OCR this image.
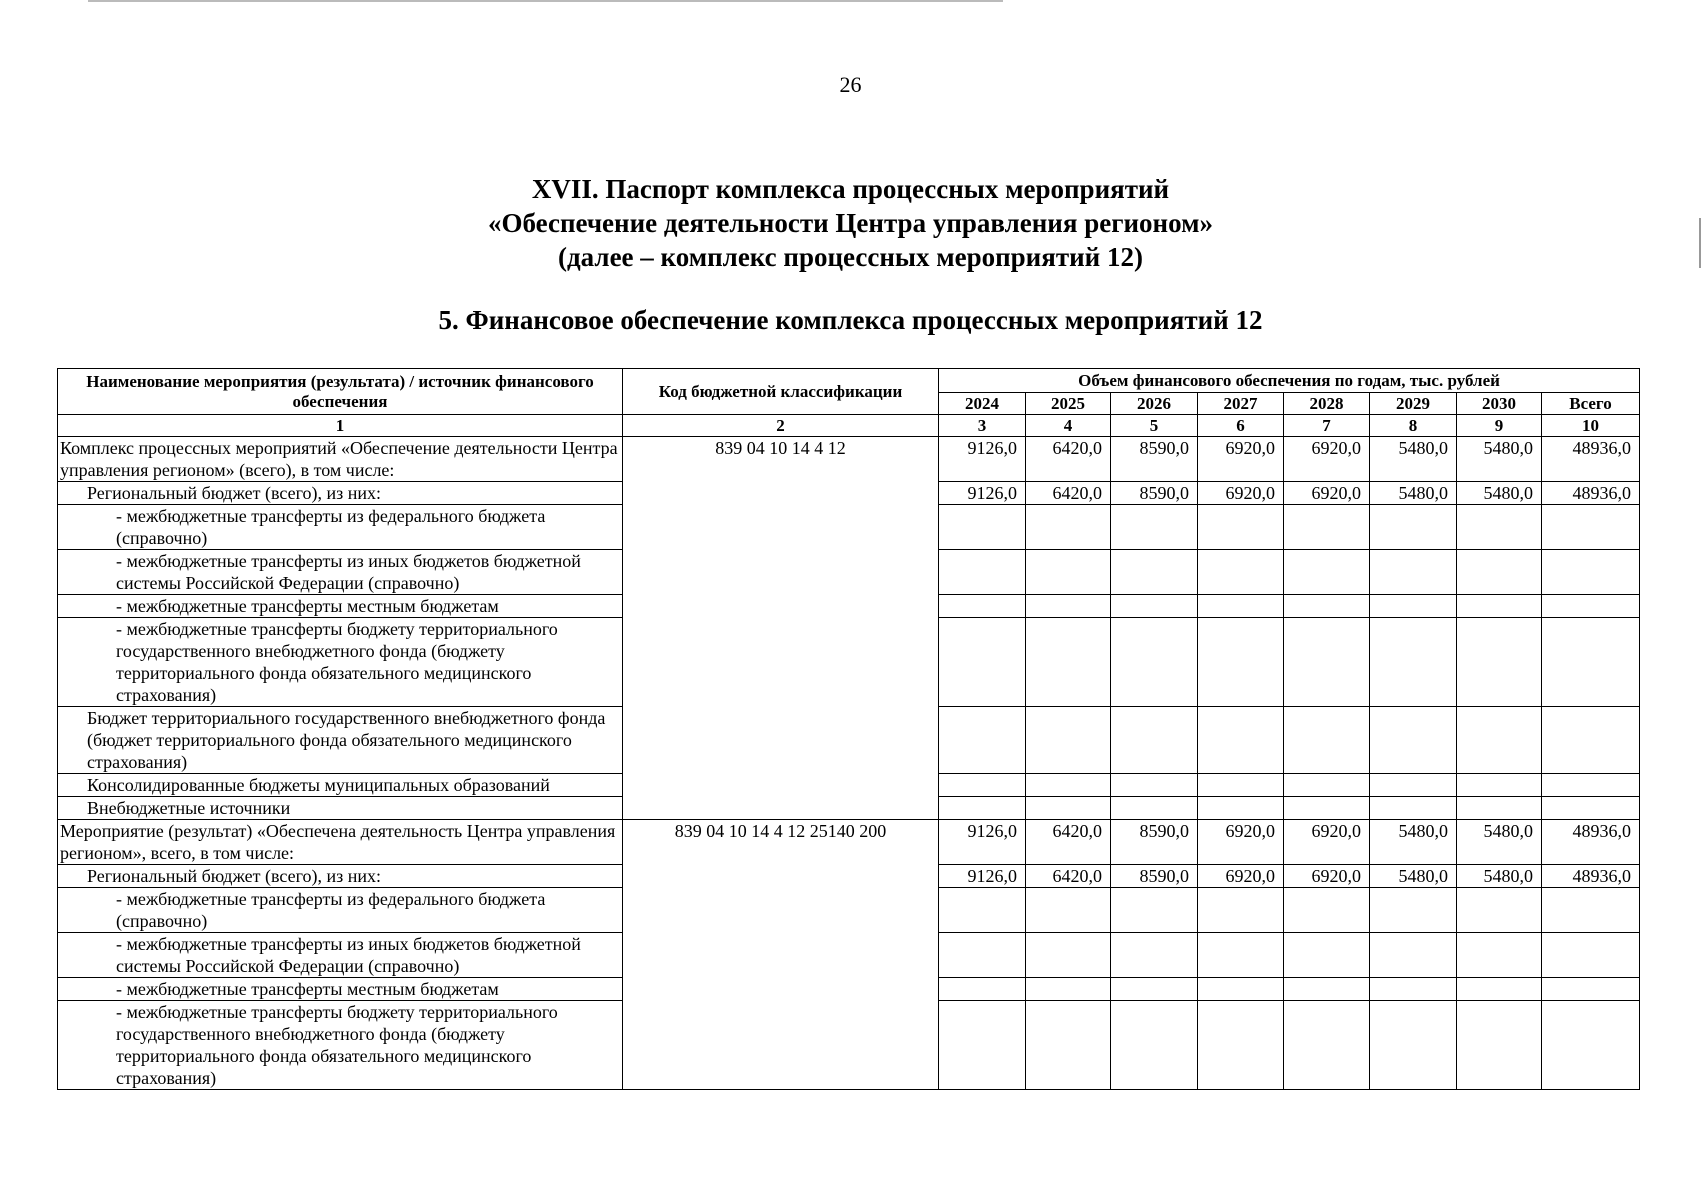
26
XVII. Паспорт комплекса процессных мероприятий
«Обеспечение деятельности Центра управления регионом»
(далее – комплекс процессных мероприятий 12)
5. Финансовое обеспечение комплекса процессных мероприятий 12
Наименование мероприятия (результата) / источник финансового обеспечения	Код бюджетной классификации	Объем финансового обеспечения по годам, тыс. рублей							
		2024	2025	2026	2027	2028	2029	2030	Всего
1	2	3	4	5	6	7	8	9	10
Комплекс процессных мероприятий «Обеспечение деятельности Центра управления регионом» (всего), в том числе:	839 04 10 14 4 12	9126,0	6420,0	8590,0	6920,0	6920,0	5480,0	5480,0	48936,0
Региональный бюджет (всего), из них:		9126,0	6420,0	8590,0	6920,0	6920,0	5480,0	5480,0	48936,0
- межбюджетные трансферты из федерального бюджета (справочно)									
- межбюджетные трансферты из иных бюджетов бюджетной системы Российской Федерации (справочно)									
- межбюджетные трансферты местным бюджетам									
- межбюджетные трансферты бюджету территориального государственного внебюджетного фонда (бюджету территориального фонда обязательного медицинского страхования)									
Бюджет территориального государственного внебюджетного фонда (бюджет территориального фонда обязательного медицинского страхования)									
Консолидированные бюджеты муниципальных образований									
Внебюджетные источники									
Мероприятие (результат) «Обеспечена деятельность Центра управления регионом», всего, в том числе:	839 04 10 14 4 12 25140 200	9126,0	6420,0	8590,0	6920,0	6920,0	5480,0	5480,0	48936,0
Региональный бюджет (всего), из них:		9126,0	6420,0	8590,0	6920,0	6920,0	5480,0	5480,0	48936,0
- межбюджетные трансферты из федерального бюджета (справочно)									
- межбюджетные трансферты из иных бюджетов бюджетной системы Российской Федерации (справочно)									
- межбюджетные трансферты местным бюджетам									
- межбюджетные трансферты бюджету территориального государственного внебюджетного фонда (бюджету территориального фонда обязательного медицинского страхования)									
